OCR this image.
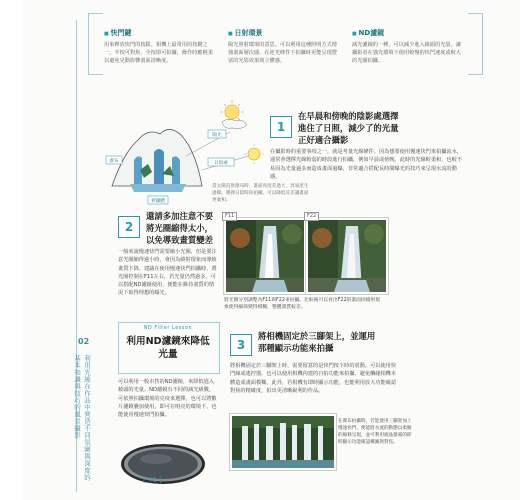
02
利用光線在作品中營造不同氛圍與深度的基本知識與技巧的風景攝影
■ 快門鍵
用來釋放快門的按鈕。相機上最常用的按鍵之一，半按可對焦，全按即可拍攝，操作時應輕柔以避免晃動影響畫面清晰度。
■ 日射環景
陽光照射環境的意思。可以利用這種照明方式增強畫面層次感，在逆光條件下拍攝時更能呈現豐富的光影效果與立體感。
■ ND濾鏡
減光濾鏡的一種，可以減少進入鏡頭的光量，讓攝影者在強光環境下使用較慢的快門速度或較大的光圈拍攝。
陽光
日陰處
瀑布
被攝體
當太陽直射瀑布時，畫面亮度差過大，容易產生過曝。選擇日陰時段拍攝，可以降低反差讓畫面更柔和。
1
在早晨和傍晚的陰影處選擇進住了日照，減少了的光量正好適合攝影
在攝影時的重要事項之一，就是考量光線條件。因為想要使用慢速快門來拍攝流水，通常會選擇光線較弱的時段進行拍攝，例如早晨或傍晚。此時的光線較柔和，也較不易因為光量過多而造成畫面過曝，非常適合搭配長時間曝光的技巧來呈現水流的動感。
2
還請多加注意不要將光圈縮得太小，以免導致畫質變差
一般來說慢速快門需要縮小光圈，但是要注意光圈縮得過小時，會因為繞射現象而導致畫質下降。建議在使用慢速快門拍攝時，將光圈控制在F11左右，若光量仍然過多，可以搭配ND濾鏡使用，便能在維持畫質的情況下取得理想的曝光。
F11	F22
將光圈分別調整為F11與F22來拍攝。比較後可以看出F22的畫面因繞射現象使得細節變得模糊，整體畫質較差。
ND Filter Lesson
利用ND濾鏡來降低光量
可以利用一般市售的ND濾鏡，來降低進入鏡頭的光量。ND濾鏡有不同的減光級數，可依照拍攝環境的亮度來選擇，也可以將數片濾鏡疊加使用，即可在明亮的環境下，也能使用慢速快門拍攝。
3
將相機固定於三腳架上，並運用那種顯示功能來拍攝
將相機固定於三腳架上時，需要留意的是快門按下時的震動。可以使用快門線或遙控器，也可以使用相機內建的自拍功能來拍攝，避免觸碰相機本體造成畫面模糊。此外，若相機有即時顯示功能，也能利用放大功能確認對焦的精確度，拍出更清晰銳利的作品。
在瀑布拍攝時，若能使用三腳架加上慢速快門，便能將水流的動態以柔順的線條呈現，並可利用液晶螢幕的即時顯示功能確認構圖與對焦。
[ 41 ]
